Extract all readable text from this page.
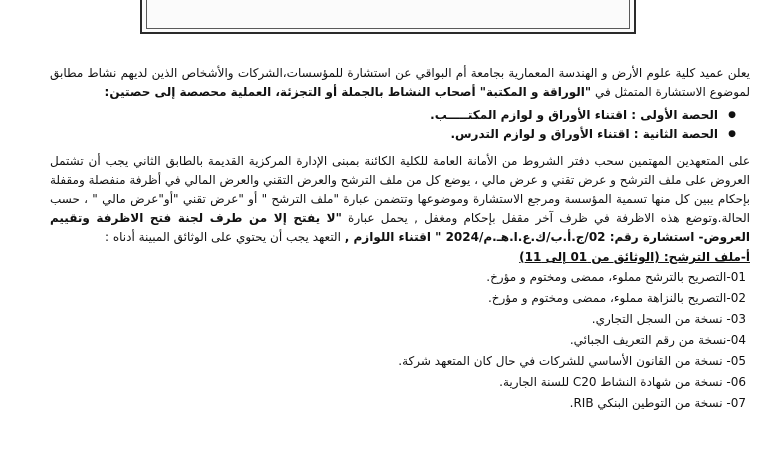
يعلن عميد كلية علوم الأرض و الهندسة المعمارية بجامعة أم البواقي عن استشارة للمؤسسات،الشركات والأشخاص الذين لديهم نشاط مطابق لموضوع الاستشارة المتمثل في "الوراقة و المكتبة" أصحاب النشاط بالجملة أو التجزئة، العملية محصصة إلى حصتين:

● الحصة الأولى : اقتناء الأوراق و لوازم المكتـــــب.
● الحصة الثانية : اقتناء الأوراق و لوازم التدرس.

على المتعهدين المهتمين سحب دفتر الشروط من الأمانة العامة للكلية الكائنة بمبنى الإدارة المركزية القديمة بالطابق الثاني يجب أن تشتمل العروض على ملف الترشح و عرض تقني و عرض مالي ، يوضع كل من ملف الترشح والعرض التقني والعرض المالي في أظرفة منفصلة ومقفلة بإحكام يبين كل منها تسمية المؤسسة ومرجع الاستشارة وموضوعها وتتضمن عبارة "ملف الترشح " أو "عرض تقني "أو"عرض مالي " ، حسب الحالة.وتوضع هذه الاظرفة في ظرف آخر مقفل بإحكام ومغفل , يحمل عبارة "لا يفتح إلا من طرف لجنة فتح الاظرفة وتقييم العروض- استشارة رقم: 02/ج.أ.ب/ك.ع.ا.هـ.م/2024 " اقتناء اللوازم , التعهد يجب أن يحتوي على الوثائق المبينة أدناه :

أ-ملف الترشح: (الوثائق من 01 إلى 11)
01-التصريح بالترشح مملوء، ممضى ومختوم و مؤرخ.
02-التصريح بالنزاهة مملوء، ممضى ومختوم و مؤرخ.
03- نسخة من السجل التجاري.
04-نسخة من رقم التعريف الجبائي.
05- نسخة من القانون الأساسي للشركات في حال كان المتعهد شركة.
06- نسخة من شهادة النشاط C20 للسنة الجارية.
07- نسخة من التوطين البنكي RIB.
